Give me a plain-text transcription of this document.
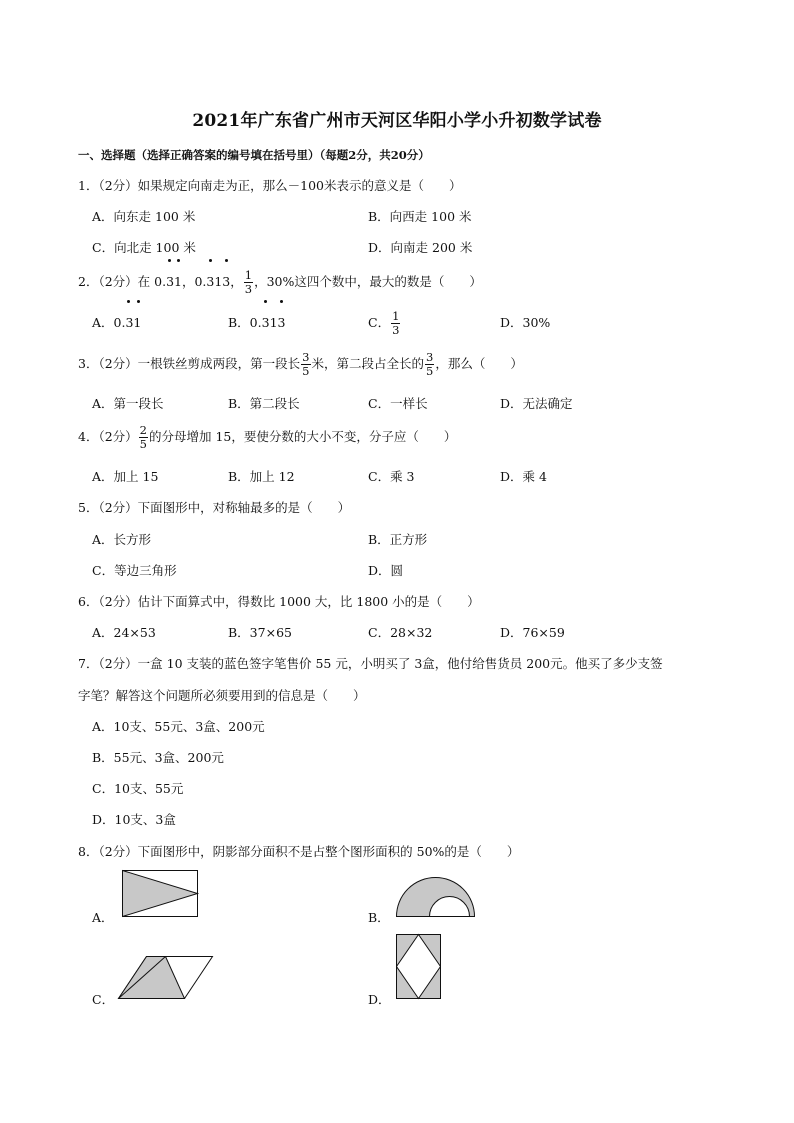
2021年广东省广州市天河区华阳小学小升初数学试卷
一、选择题（选择正确答案的编号填在括号里）（每题2分，共20分）
1．（2分）如果规定向南走为正，那么－100米表示的意义是（　　）
A．向东走 100 米	B．向西走 100 米
C．向北走 100 米	D．向南走 200 米
2．（2分）在 0.
31，0.
313， $\frac{1}{3}$ ，30%这四个数中，最大的数是（　　）
A．0.
31	B．0.
313	C． $\frac{1}{3}$	D．30%
3．（2分）一根铁丝剪成两段，第一段长 $\frac{3}{5}$ 米，第二段占全长的 $\frac{3}{5}$ ，那么（　　）
A．第一段长	B．第二段长	C．一样长	D．无法确定
4．（2分） $\frac{2}{5}$ 的分母增加 15，要使分数的大小不变，分子应（　　）
A．加上 15	B．加上 12	C．乘 3	D．乘 4
5．（2分）下面图形中，对称轴最多的是（　　）
A．长方形	B．正方形
C．等边三角形	D．圆
6．（2分）估计下面算式中，得数比 1000 大，比 1800 小的是（　　）
A．24×53	B．37×65	C．28×32	D．76×59
7．（2分）一盒 10 支装的蓝色签字笔售价 55 元，小明买了 3盒，他付给售货员 200元。他买了多少支签
字笔？解答这个问题所必须要用到的信息是（　　）
A．10支、55元、3盒、200元
B．55元、3盒、200元
C．10支、55元
D．10支、3盒
8．（2分）下面图形中，阴影部分面积不是占整个图形面积的 50%的是（　　）
A．	B．
C．	D．
